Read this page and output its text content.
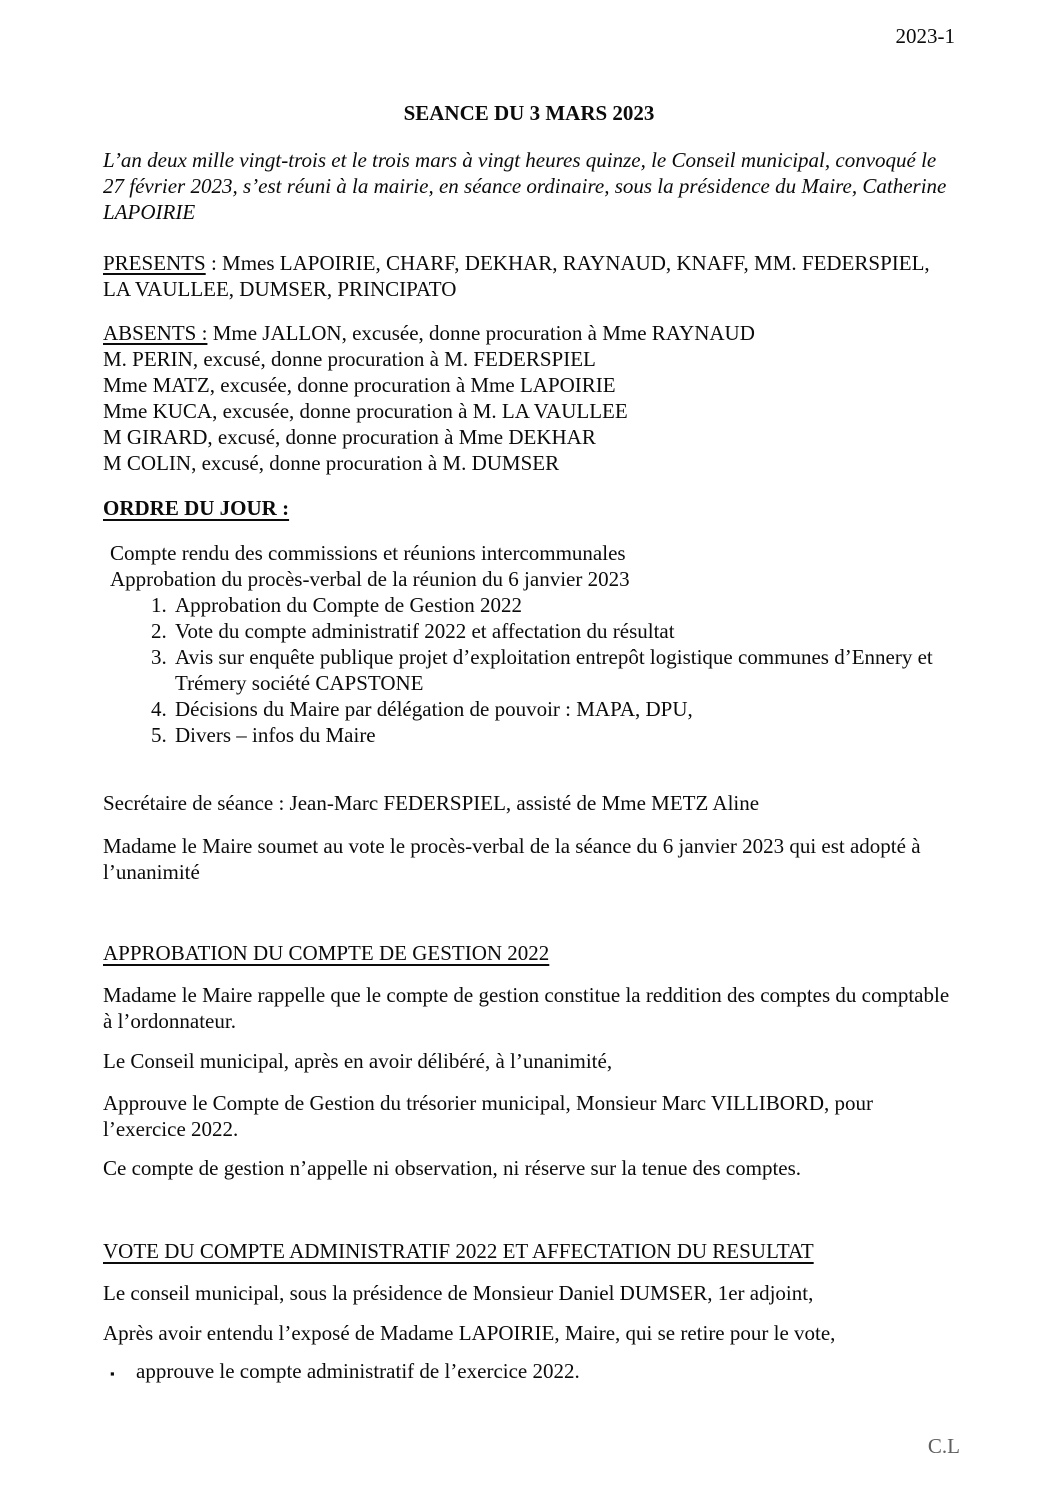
2023-1
SEANCE DU 3 MARS 2023

L’an deux mille vingt-trois et le trois mars à vingt heures quinze, le Conseil municipal, convoqué le 27 février 2023, s’est réuni à la mairie, en séance ordinaire, sous la présidence du Maire, Catherine LAPOIRIE

PRESENTS : Mmes LAPOIRIE, CHARF, DEKHAR, RAYNAUD, KNAFF, MM. FEDERSPIEL, LA VAULLEE, DUMSER, PRINCIPATO

ABSENTS : Mme JALLON, excusée, donne procuration à Mme RAYNAUD
M. PERIN, excusé, donne procuration à M. FEDERSPIEL
Mme MATZ, excusée, donne procuration à Mme LAPOIRIE
Mme KUCA, excusée, donne procuration à M. LA VAULLEE
M GIRARD, excusé, donne procuration à Mme DEKHAR
M COLIN, excusé, donne procuration à M. DUMSER
ORDRE DU JOUR :
Compte rendu des commissions et réunions intercommunales
Approbation du procès-verbal de la réunion du 6 janvier 2023
1. Approbation du Compte de Gestion 2022
2. Vote du compte administratif 2022 et affectation du résultat
3. Avis sur enquête publique projet d’exploitation entrepôt logistique communes d’Ennery et Trémery société CAPSTONE
4. Décisions du Maire par délégation de pouvoir : MAPA, DPU,
5. Divers – infos du Maire

Secrétaire de séance : Jean-Marc FEDERSPIEL, assisté de Mme METZ Aline

Madame le Maire soumet au vote le procès-verbal de la séance du 6 janvier 2023 qui est adopté à l’unanimité

APPROBATION DU COMPTE DE GESTION 2022

Madame le Maire rappelle que le compte de gestion constitue la reddition des comptes du comptable à l’ordonnateur.

Le Conseil municipal, après en avoir délibéré, à l’unanimité,

Approuve le Compte de Gestion du trésorier municipal, Monsieur Marc VILLIBORD, pour l’exercice 2022.

Ce compte de gestion n’appelle ni observation, ni réserve sur la tenue des comptes.

VOTE DU COMPTE ADMINISTRATIF 2022 ET AFFECTATION DU RESULTAT

Le conseil municipal, sous la présidence de Monsieur Daniel DUMSER, 1er adjoint,

Après avoir entendu l’exposé de Madame LAPOIRIE, Maire, qui se retire pour le vote,

▪	approuve le compte administratif de l’exercice 2022.
C.L
